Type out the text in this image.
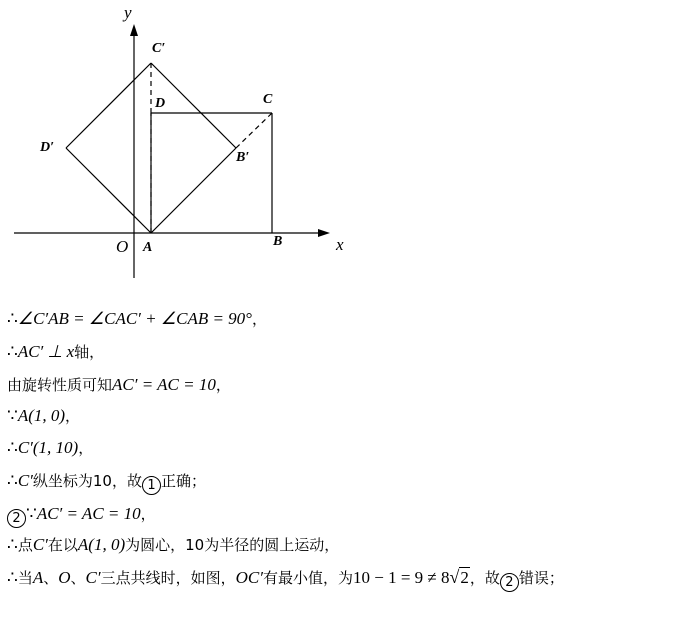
y
x
O A	B
C
D
C′
B′
D′
∴∠C′AB = ∠CAC′ + ∠CAB = 90°，
∴AC′ ⊥ x轴，
由旋转性质可知AC′ = AC = 10，
∵A(1, 0)，
∴C′(1, 10)，
∴C′纵坐标为10，故 1 正确；
2 ∵AC′ = AC = 10，
∴点C′在以A(1, 0)为圆心，10为半径的圆上运动，
∴当A、O、C′三点共线时，如图，OC′有最小值，为10 − 1 = 9 ≠ 8√2，故 2 错误；
